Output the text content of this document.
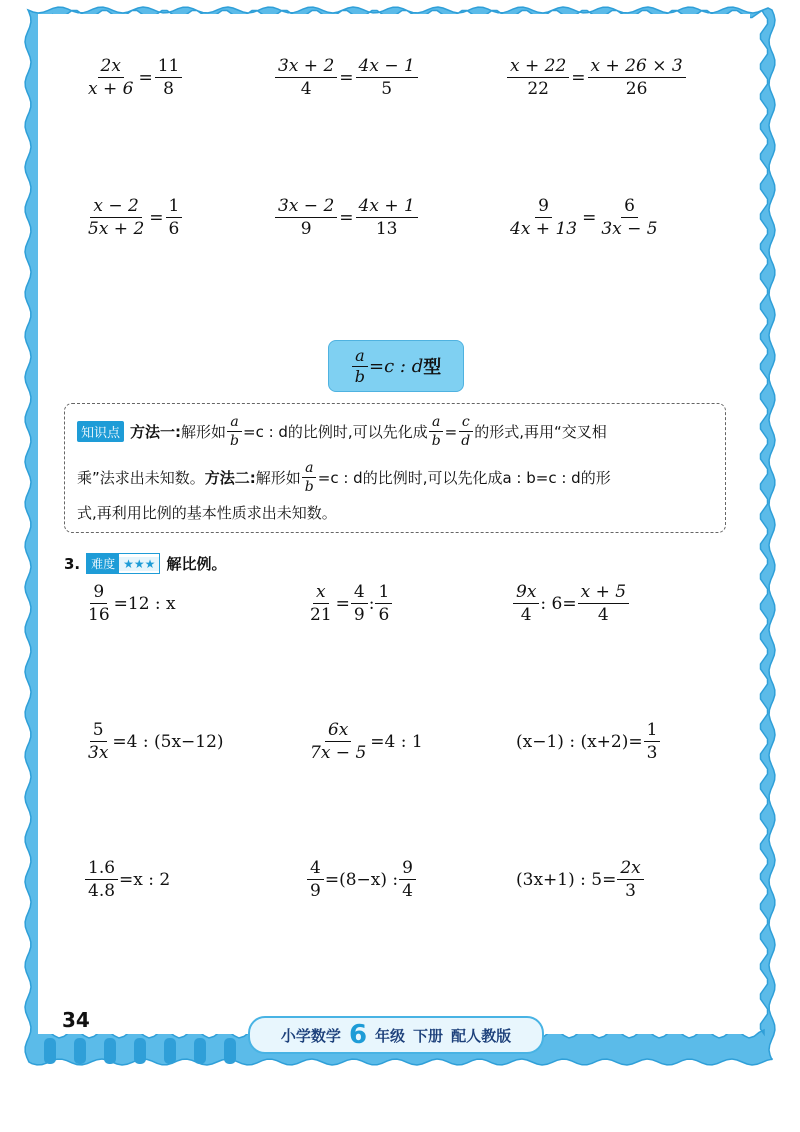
$\frac{2x}{x + 6} = \frac{11}{8}$	$\frac{3x + 2}{4} = \frac{4x - 1}{5}$	$\frac{x + 22}{22} = \frac{x + 26 \times 3}{26}$
$\frac{x - 2}{5x + 2} = \frac{1}{6}$	$\frac{3x - 2}{9} = \frac{4x + 1}{13}$	$\frac{9}{4x + 13} = \frac{6}{3x - 5}$
$\frac{a}{b} = c$ : d 型
知识点 方法一: 解形如 $\frac{a}{b} =c$ : d的比例时,可以先化成 $\frac{a}{b} = \frac{c}{d}$ 的形式,再用“交叉相
乘”法求出未知数。 方法二: 解形如 $\frac{a}{b} =c$ : d的比例时,可以先化成a : b=c : d的形
式,再利用比例的基本性质求出未知数。
3. 难度 ★★★ 解比例。
$\frac{9}{16} =12$ : x	$\frac{x}{21} = \frac{4}{9}$ : $\frac{1}{6}$	$\frac{9x}{4}$ : $6= \frac{x + 5}{4}$
$\frac{5}{3x} =4$ : (5x−12)	$\frac{6x}{7x - 5} =4$ : 1	(x−1) : $(x+2)= \frac{1}{3}$
$\frac{1.6}{4.8} =x$ : 2	$\frac{4}{9} =(8-x)$ : $\frac{9}{4}$	(3x+1) : $5= \frac{2x}{3}$
34
小学数学 6 年级 下册 配人教版
